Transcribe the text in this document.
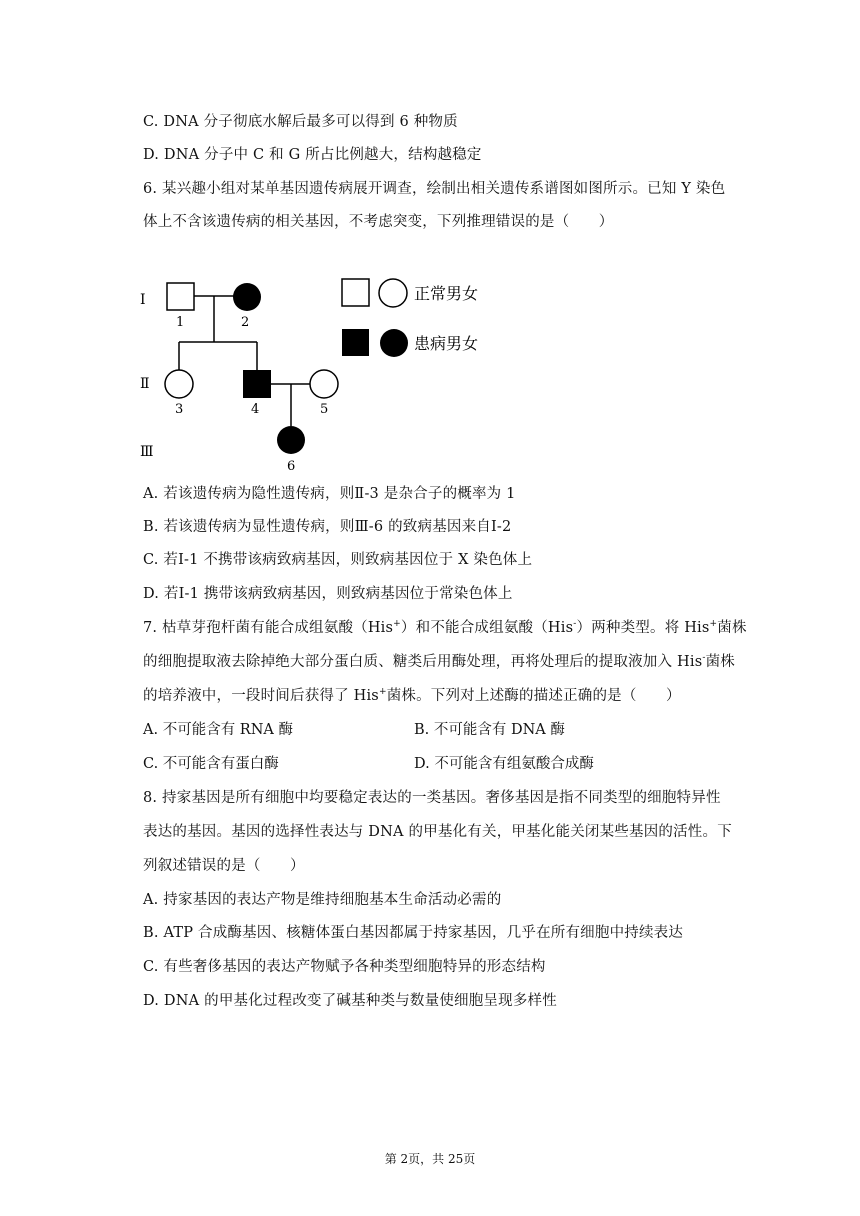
C. DNA 分子彻底水解后最多可以得到 6 种物质
D. DNA 分子中 C 和 G 所占比例越大，结构越稳定
6. 某兴趣小组对某单基因遗传病展开调查，绘制出相关遗传系谱图如图所示。已知 Y 染色
体上不含该遗传病的相关基因，不考虑突变，下列推理错误的是（　　）
Ⅰ
Ⅱ
Ⅲ
1	2
3	4	5
6
正常男女
患病男女
A. 若该遗传病为隐性遗传病，则Ⅱ-3 是杂合子的概率为 1
B. 若该遗传病为显性遗传病，则Ⅲ-6 的致病基因来自Ⅰ-2
C. 若Ⅰ-1 不携带该病致病基因，则致病基因位于 X 染色体上
D. 若Ⅰ-1 携带该病致病基因，则致病基因位于常染色体上
7. 枯草芽孢杆菌有能合成组氨酸（His+）和不能合成组氨酸（His-）两种类型。将 His+菌株
的细胞提取液去除掉绝大部分蛋白质、糖类后用酶处理，再将处理后的提取液加入 His-菌株
的培养液中，一段时间后获得了 His+菌株。下列对上述酶的描述正确的是（　　）
A. 不可能含有 RNA 酶	B. 不可能含有 DNA 酶
C. 不可能含有蛋白酶	D. 不可能含有组氨酸合成酶
8. 持家基因是所有细胞中均要稳定表达的一类基因。奢侈基因是指不同类型的细胞特异性
表达的基因。基因的选择性表达与 DNA 的甲基化有关，甲基化能关闭某些基因的活性。下
列叙述错误的是（　　）
A. 持家基因的表达产物是维持细胞基本生命活动必需的
B. ATP 合成酶基因、核糖体蛋白基因都属于持家基因，几乎在所有细胞中持续表达
C. 有些奢侈基因的表达产物赋予各种类型细胞特异的形态结构
D. DNA 的甲基化过程改变了碱基种类与数量使细胞呈现多样性
第 2页，共 25页
